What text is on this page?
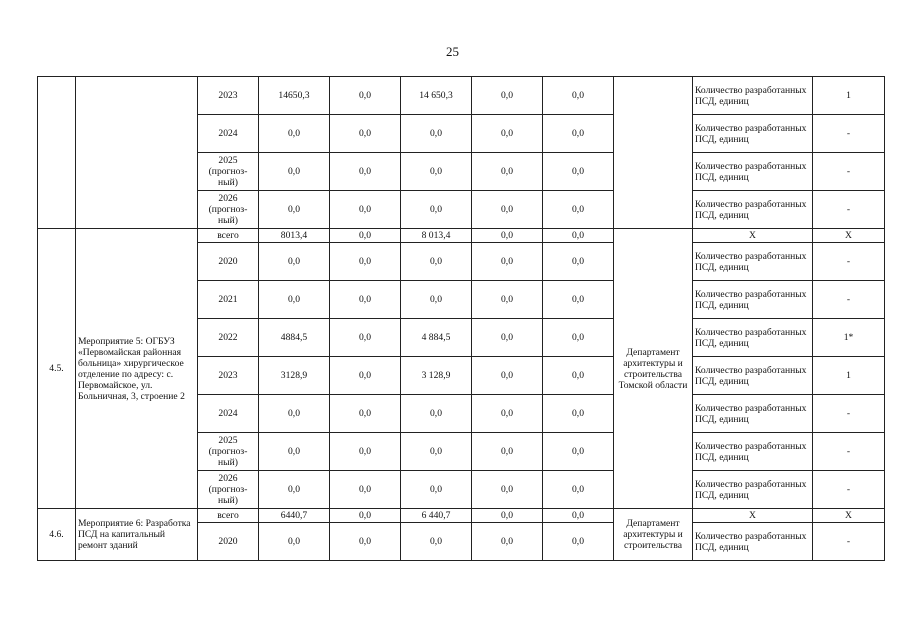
25
		2023	14650,3	0,0	14 650,3	0,0	0,0		Количество разработанных ПСД, единиц	1
		2024	0,0	0,0	0,0	0,0	0,0		Количество разработанных ПСД, единиц	-
		2025 (прогноз-ный)	0,0	0,0	0,0	0,0	0,0		Количество разработанных ПСД, единиц	-
		2026 (прогноз-ный)	0,0	0,0	0,0	0,0	0,0		Количество разработанных ПСД, единиц	-
4.5.	Мероприятие 5: ОГБУЗ «Первомайская районная больница» хирургическое отделение по адресу: с. Первомайское, ул. Больничная, 3, строение 2	всего	8013,4	0,0	8 013,4	0,0	0,0	Департамент архитектуры и строительства Томской области	Х	Х
		2020	0,0	0,0	0,0	0,0	0,0		Количество разработанных ПСД, единиц	-
		2021	0,0	0,0	0,0	0,0	0,0		Количество разработанных ПСД, единиц	-
		2022	4884,5	0,0	4 884,5	0,0	0,0		Количество разработанных ПСД, единиц	1*
		2023	3128,9	0,0	3 128,9	0,0	0,0		Количество разработанных ПСД, единиц	1
		2024	0,0	0,0	0,0	0,0	0,0		Количество разработанных ПСД, единиц	-
		2025 (прогноз-ный)	0,0	0,0	0,0	0,0	0,0		Количество разработанных ПСД, единиц	-
		2026 (прогноз-ный)	0,0	0,0	0,0	0,0	0,0		Количество разработанных ПСД, единиц	-
4.6.	Мероприятие 6: Разработка ПСД на капитальный ремонт зданий	всего	6440,7	0,0	6 440,7	0,0	0,0	Департамент архитектуры и строительства	Х	Х
		2020	0,0	0,0	0,0	0,0	0,0		Количество разработанных ПСД, единиц	-
